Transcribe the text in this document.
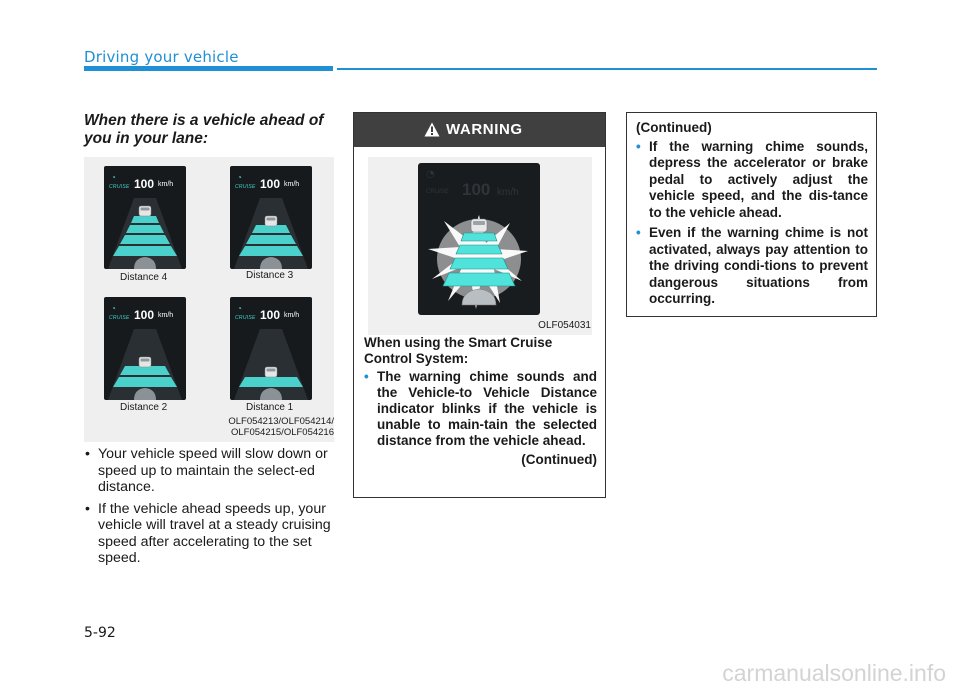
Driving your vehicle
When there is a vehicle ahead of you in your lane:
◔
CRUISE 100 km/h
Distance 4
◔
CRUISE 100 km/h
Distance 3
◔
CRUISE 100 km/h
Distance 2
◔
CRUISE 100 km/h
Distance 1
OLF054213/OLF054214/
OLF054215/OLF054216
• Your vehicle speed will slow down or speed up to maintain the select-ed distance.
• If the vehicle ahead speeds up, your vehicle will travel at a steady cruising speed after accelerating to the set speed.
WARNING
◔
CRUISE 100 km/h
OLF054031
When using the Smart Cruise Control System:
• The warning chime sounds and the Vehicle-to Vehicle Distance indicator blinks if the vehicle is unable to main-tain the selected distance from the vehicle ahead.
(Continued)
(Continued)
• If the warning chime sounds, depress the accelerator or brake pedal to actively adjust the vehicle speed, and the dis-tance to the vehicle ahead.
• Even if the warning chime is not activated, always pay attention to the driving condi-tions to prevent dangerous situations from occurring.
5-92
carmanualsonline.info
